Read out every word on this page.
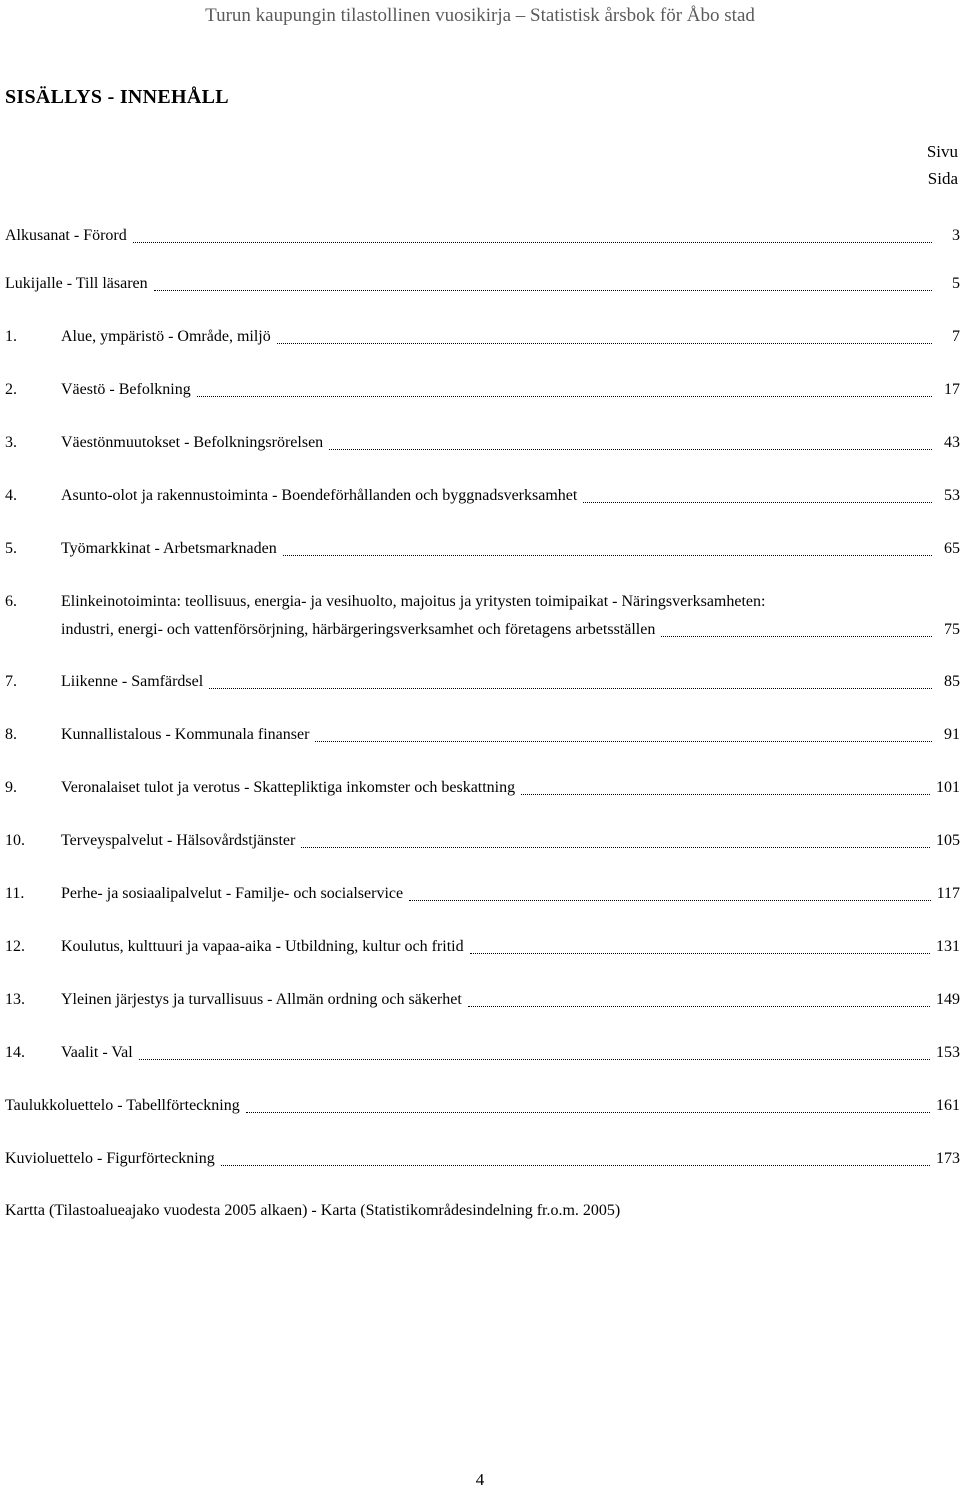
Turun kaupungin tilastollinen vuosikirja – Statistisk årsbok för Åbo stad
SISÄLLYS - INNEHÅLL
Sivu
Sida
Alkusanat - Förord	3
Lukijalle - Till läsaren	5
1.	Alue, ympäristö - Område, miljö	7
2.	Väestö - Befolkning	17
3.	Väestönmuutokset - Befolkningsrörelsen	43
4.	Asunto-olot ja rakennustoiminta - Boendeförhållanden och byggnadsverksamhet	53
5.	Työmarkkinat - Arbetsmarknaden	65
6.	Elinkeinotoiminta: teollisuus, energia- ja vesihuolto, majoitus ja yritysten toimipaikat - Näringsverksamheten:
industri, energi- och vattenförsörjning, härbärgeringsverksamhet och företagens arbetsställen	75
7.	Liikenne - Samfärdsel	85
8.	Kunnallistalous - Kommunala finanser	91
9.	Veronalaiset tulot ja verotus - Skattepliktiga inkomster och beskattning	101
10.	Terveyspalvelut - Hälsovårdstjänster	105
11.	Perhe- ja sosiaalipalvelut - Familje- och socialservice	117
12.	Koulutus, kulttuuri ja vapaa-aika - Utbildning, kultur och fritid	131
13.	Yleinen järjestys ja turvallisuus - Allmän ordning och säkerhet	149
14.	Vaalit - Val	153
Taulukkoluettelo - Tabellförteckning	161
Kuvioluettelo - Figurförteckning	173
Kartta (Tilastoalueajako vuodesta 2005 alkaen) - Karta (Statistikområdesindelning fr.o.m. 2005)
4
